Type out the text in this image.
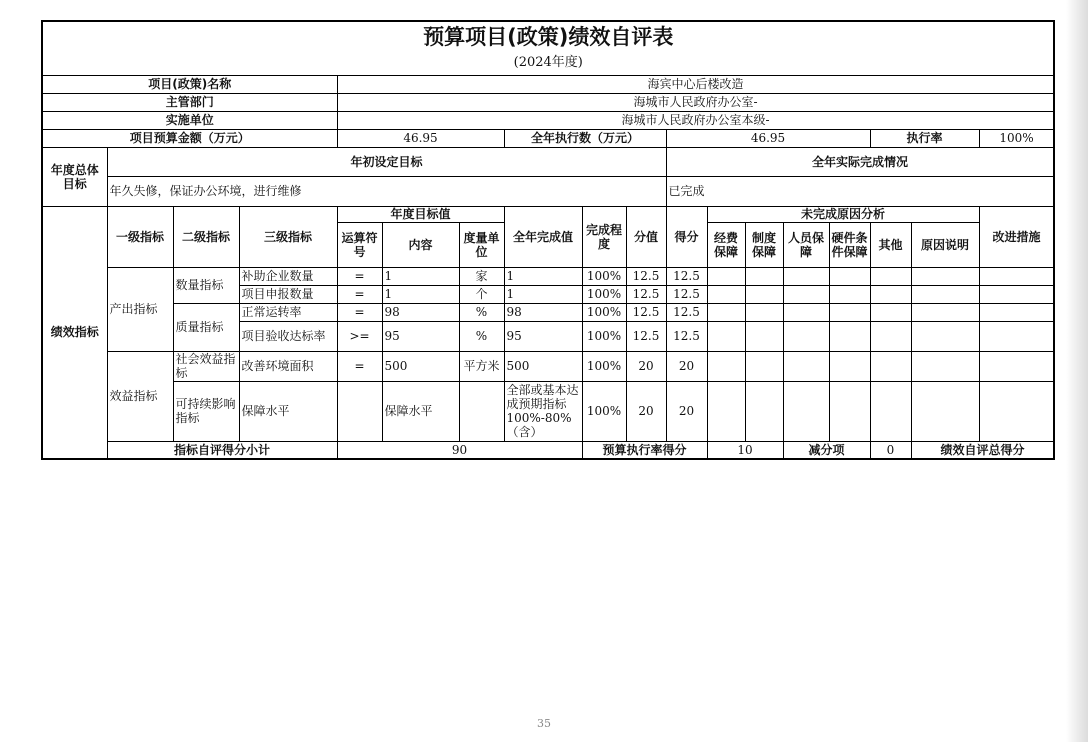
预算项目(政策)绩效自评表																		
(2024年度)																		
项目(政策)名称				海宾中心后楼改造														
主管部门				海城市人民政府办公室-														
实施单位				海城市人民政府办公室本级-														
项目预算金额（万元）				46.95			全年执行数（万元）			46.95					执行率		100%	
年度总体目标	年初设定目标									全年实际完成情况								
	年久失修，保证办公环境，进行维修									已完成								
绩效指标	一级指标	二级指标	三级指标	年度目标值			全年完成值	完成程度	分值	得分	未完成原因分析						改进措施	
				运算符号	内容	度量单位					经费保障	制度保障	人员保障	硬件条件保障	其他	原因说明		
	产出指标	数量指标	补助企业数量	=	1	家	1	100%	12.5	12.5								
			项目申报数量	=	1	个	1	100%	12.5	12.5								
		质量指标	正常运转率	=	98	%	98	100%	12.5	12.5								
			项目验收达标率	>=	95	%	95	100%	12.5	12.5								
	效益指标	社会效益指标	改善环境面积	=	500	平方米	500	100%	20	20								
		可持续影响指标	保障水平		保障水平		全部或基本达成预期指标100%-80%（含）	100%	20	20								
	指标自评得分小计			90				预算执行率得分			10		减分项		0	绩效自评总得分	
35
